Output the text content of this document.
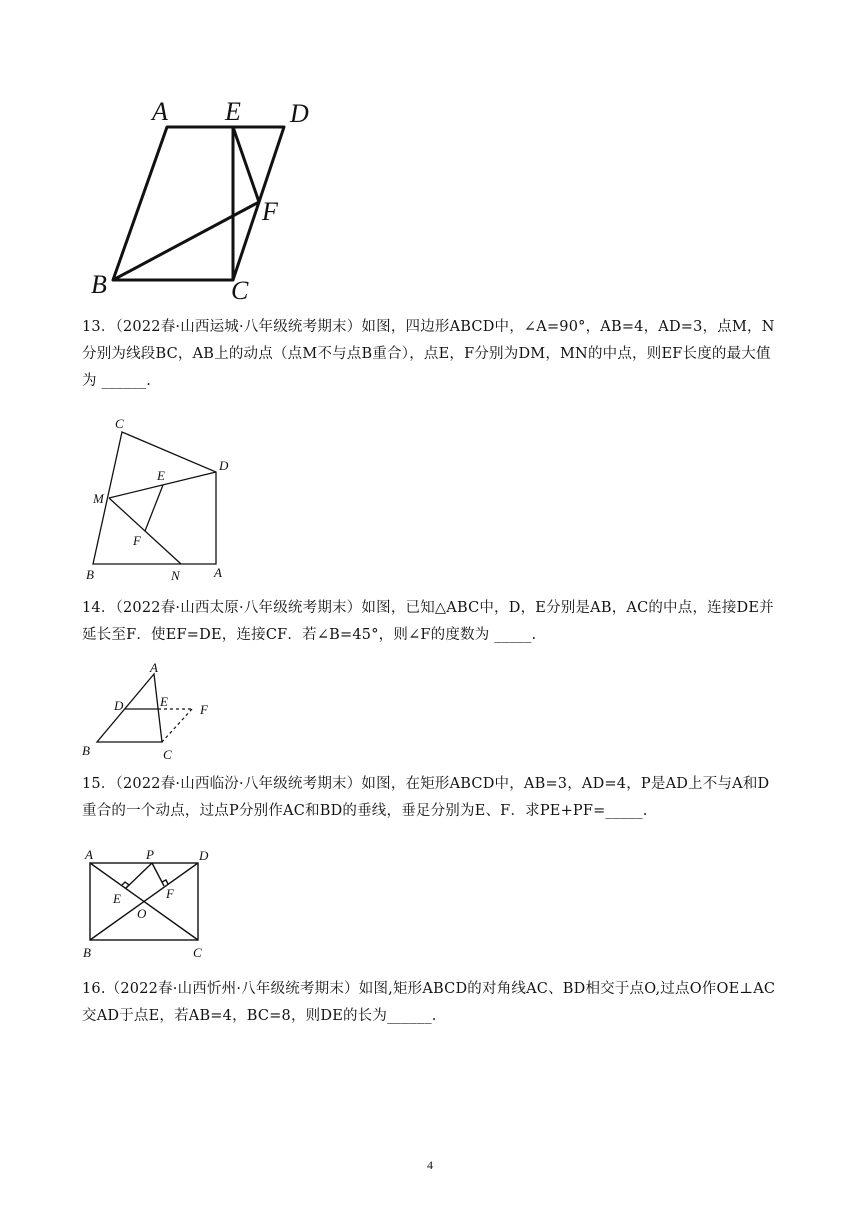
A E D
F
B	C
13．（2022春·山西运城·八年级统考期末）如图，四边形ABCD中，∠A=90°，AB=4，AD=3，点M，N分别为线段BC，AB上的动点（点M不与点B重合），点E，F分别为DM，MN的中点，则EF长度的最大值为 ______.
C
D
E
M
F
B	N	A
14．（2022春·山西太原·八年级统考期末）如图，已知△ABC中，D，E分别是AB，AC的中点，连接DE并延长至F．使EF=DE，连接CF．若∠B=45°，则∠F的度数为 _____.
A
D	E
F
B	C
15．（2022春·山西临汾·八年级统考期末）如图，在矩形ABCD中，AB=3，AD=4，P是AD上不与A和D重合的一个动点，过点P分别作AC和BD的垂线，垂足分别为E、F．求PE+PF=_____.
A	P	D
E	F
O
B	C
16.（2022春·山西忻州·八年级统考期末）如图,矩形ABCD的对角线AC、BD相交于点O,过点O作OE⊥AC交AD于点E，若AB=4，BC=8，则DE的长为______.
4
